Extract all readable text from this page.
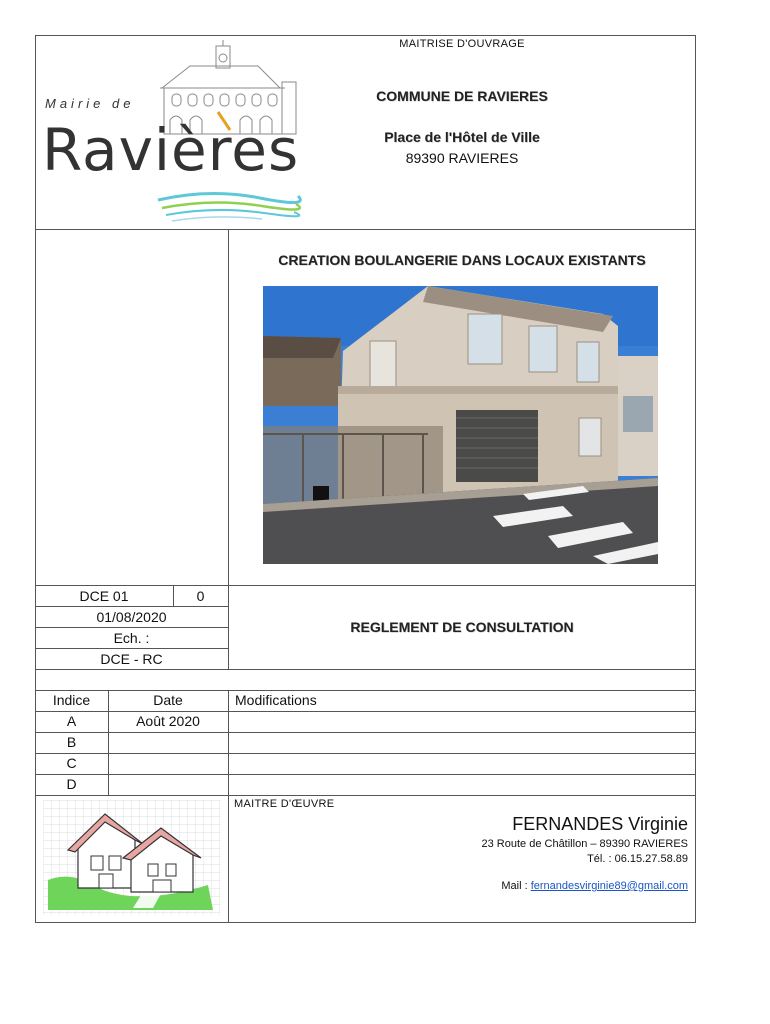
Mairie de
Ravières
MAITRISE D'OUVRAGE
COMMUNE DE RAVIERES
Place de l'Hôtel de Ville
89390 RAVIERES
CREATION BOULANGERIE DANS LOCAUX EXISTANTS
DCE 01	0
01/08/2020
Ech. :
DCE - RC
REGLEMENT DE CONSULTATION
Indice	Date	Modifications
A	Août 2020
B
C
D
MAITRE D'ŒUVRE
FERNANDES Virginie
23 Route de Châtillon – 89390 RAVIERES
Tél. : 06.15.27.58.89

Mail : fernandesvirginie89@gmail.com
